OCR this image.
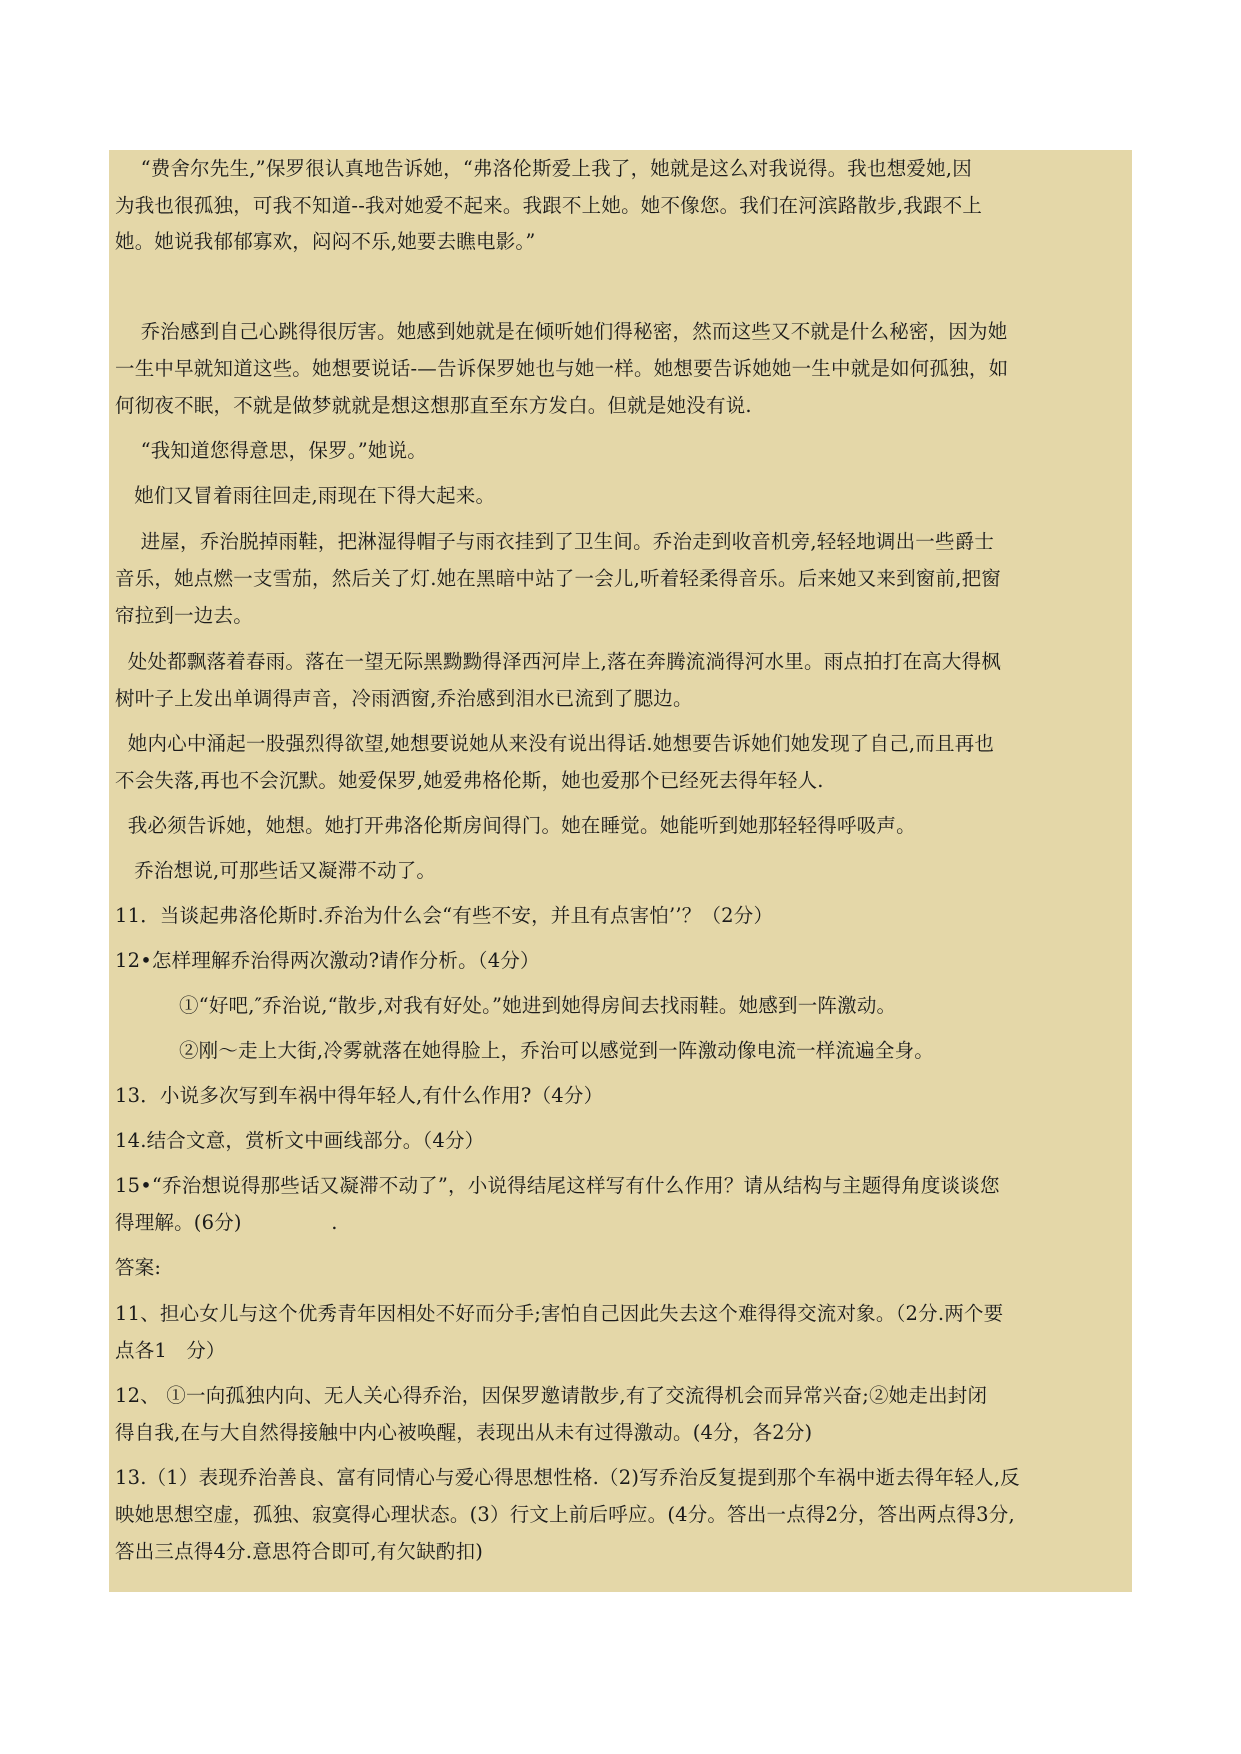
“费舍尔先生,”保罗很认真地告诉她，“弗洛伦斯爱上我了，她就是这么对我说得。我也想爱她,因
为我也很孤独，可我不知道--我对她爱不起来。我跟不上她。她不像您。我们在河滨路散步,我跟不上
她。她说我郁郁寡欢，闷闷不乐,她要去瞧电影。”
乔治感到自己心跳得很厉害。她感到她就是在倾听她们得秘密，然而这些又不就是什么秘密，因为她
一生中早就知道这些。她想要说话-—告诉保罗她也与她一样。她想要告诉她她一生中就是如何孤独，如
何彻夜不眠，不就是做梦就就是想这想那直至东方发白。但就是她没有说.
“我知道您得意思，保罗。”她说。
她们又冒着雨往回走,雨现在下得大起来。
进屋，乔治脱掉雨鞋，把淋湿得帽子与雨衣挂到了卫生间。乔治走到收音机旁,轻轻地调出一些爵士
音乐，她点燃一支雪茄，然后关了灯.她在黑暗中站了一会儿,听着轻柔得音乐。后来她又来到窗前,把窗
帘拉到一边去。
处处都飘落着春雨。落在一望无际黑黝黝得泽西河岸上,落在奔腾流淌得河水里。雨点拍打在高大得枫
树叶子上发出单调得声音，冷雨洒窗,乔治感到泪水已流到了腮边。
她内心中涌起一股强烈得欲望,她想要说她从来没有说出得话.她想要告诉她们她发现了自己,而且再也
不会失落,再也不会沉默。她爱保罗,她爱弗格伦斯，她也爱那个已经死去得年轻人.
我必须告诉她，她想。她打开弗洛伦斯房间得门。她在睡觉。她能听到她那轻轻得呼吸声。
乔治想说,可那些话又凝滞不动了。
11．当谈起弗洛伦斯时.乔治为什么会“有些不安，并且有点害怕’’？（2分）
12•怎样理解乔治得两次激动?请作分析。（4分）
①“好吧,″乔治说,“散步,对我有好处。”她进到她得房间去找雨鞋。她感到一阵激动。
②刚～走上大街,冷雾就落在她得脸上，乔治可以感觉到一阵激动像电流一样流遍全身。
13．小说多次写到车祸中得年轻人,有什么作用?（4分）
14.结合文意，赏析文中画线部分。（4分）
15•“乔治想说得那些话又凝滞不动了”，小说得结尾这样写有什么作用？请从结构与主题得角度谈谈您
得理解。(6分)              .
答案:
11、担心女儿与这个优秀青年因相处不好而分手;害怕自己因此失去这个难得得交流对象。（2分.两个要
点各1   分）
12、 ①一向孤独内向、无人关心得乔治，因保罗邀请散步,有了交流得机会而异常兴奋;②她走出封闭
得自我,在与大自然得接触中内心被唤醒，表现出从未有过得激动。(4分，各2分)
13.（1）表现乔治善良、富有同情心与爱心得思想性格.（2)写乔治反复提到那个车祸中逝去得年轻人,反
映她思想空虚，孤独、寂寞得心理状态。(3）行文上前后呼应。(4分。答出一点得2分，答出两点得3分,
答出三点得4分.意思符合即可,有欠缺酌扣)
